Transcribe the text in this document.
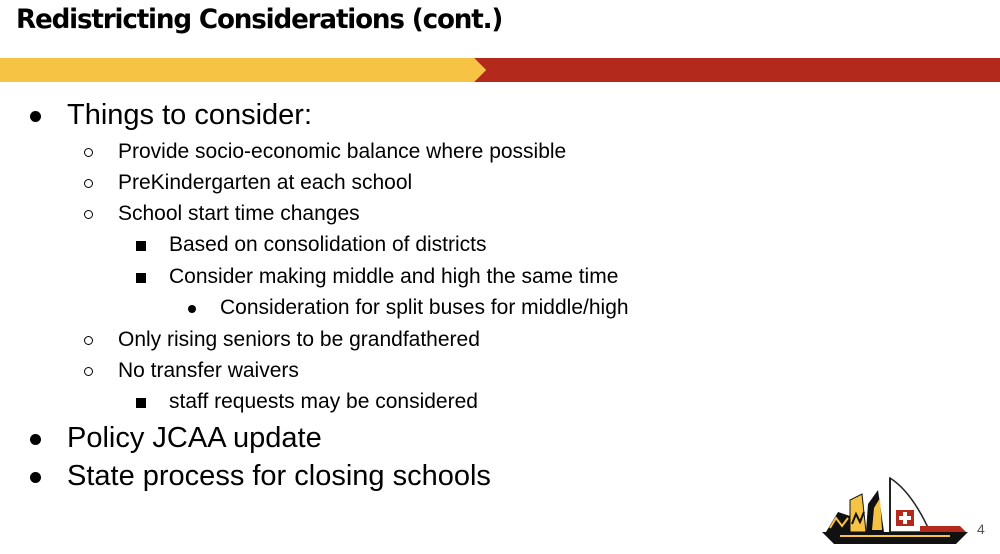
Redistricting Considerations (cont.)
Things to consider:
Provide socio-economic balance where possible
PreKindergarten at each school
School start time changes
Based on consolidation of districts
Consider making middle and high the same time
Consideration for split buses for middle/high
Only rising seniors to be grandfathered
No transfer waivers
staff requests may be considered
Policy JCAA update
State process for closing schools
4
